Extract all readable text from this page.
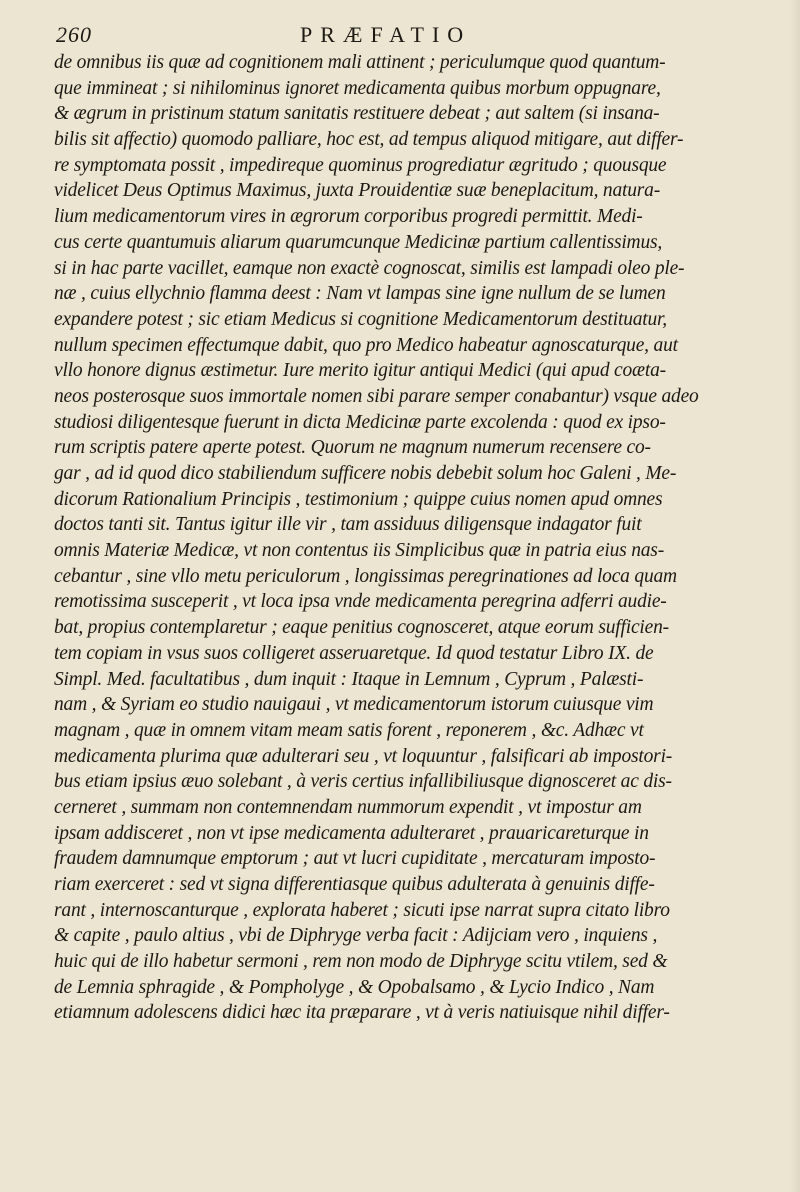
260	PRÆFATIO
de omnibus iis quæ ad cognitionem mali attinent ; periculumque quod quantum-
que immineat ; si nihilominus ignoret medicamenta quibus morbum oppugnare,
& ægrum in pristinum statum sanitatis restituere debeat ; aut saltem (si insana-
bilis sit affectio) quomodo palliare, hoc est, ad tempus aliquod mitigare, aut differ-
re symptomata possit , impedireque quominus progrediatur ægritudo ; quousque
videlicet Deus Optimus Maximus, juxta Prouidentiæ suæ beneplacitum, natura-
lium medicamentorum vires in ægrorum corporibus progredi permittit. Medi-
cus certe quantumuis aliarum quarumcunque Medicinæ partium callentissimus,
si in hac parte vacillet, eamque non exactè cognoscat, similis est lampadi oleo ple-
næ , cuius ellychnio flamma deest : Nam vt lampas sine igne nullum de se lumen
expandere potest ; sic etiam Medicus si cognitione Medicamentorum destituatur,
nullum specimen effectumque dabit, quo pro Medico habeatur agnoscaturque, aut
vllo honore dignus æstimetur. Iure merito igitur antiqui Medici (qui apud coæta-
neos posterosque suos immortale nomen sibi parare semper conabantur) vsque adeo
studiosi diligentesque fuerunt in dicta Medicinæ parte excolenda : quod ex ipso-
rum scriptis patere aperte potest. Quorum ne magnum numerum recensere co-
gar , ad id quod dico stabiliendum sufficere nobis debebit solum hoc Galeni , Me-
dicorum Rationalium Principis , testimonium ; quippe cuius nomen apud omnes
doctos tanti sit. Tantus igitur ille vir , tam assiduus diligensque indagator fuit
omnis Materiæ Medicæ, vt non contentus iis Simplicibus quæ in patria eius nas-
cebantur , sine vllo metu periculorum , longissimas peregrinationes ad loca quam
remotissima susceperit , vt loca ipsa vnde medicamenta peregrina adferri audie-
bat, propius contemplaretur ; eaque penitius cognosceret, atque eorum sufficien-
tem copiam in vsus suos colligeret asseruaretque. Id quod testatur Libro IX. de
Simpl. Med. facultatibus , dum inquit : Itaque in Lemnum , Cyprum , Palæsti-
nam , & Syriam eo studio nauigaui , vt medicamentorum istorum cuiusque vim
magnam , quæ in omnem vitam meam satis forent , reponerem , &c. Adhæc vt
medicamenta plurima quæ adulterari seu , vt loquuntur , falsificari ab impostori-
bus etiam ipsius æuo solebant , à veris certius infallibiliusque dignosceret ac dis-
cerneret , summam non contemnendam nummorum expendit , vt impostur am
ipsam addisceret , non vt ipse medicamenta adulteraret , prauaricareturque in
fraudem damnumque emptorum ; aut vt lucri cupiditate , mercaturam imposto-
riam exerceret : sed vt signa differentiasque quibus adulterata à genuinis diffe-
rant , internoscanturque , explorata haberet ; sicuti ipse narrat supra citato libro
& capite , paulo altius , vbi de Diphryge verba facit : Adijciam vero , inquiens ,
huic qui de illo habetur sermoni , rem non modo de Diphryge scitu vtilem, sed &
de Lemnia sphragide , & Pompholyge , & Opobalsamo , & Lycio Indico , Nam
etiamnum adolescens didici hæc ita præparare , vt à veris natiuisque nihil differ-
